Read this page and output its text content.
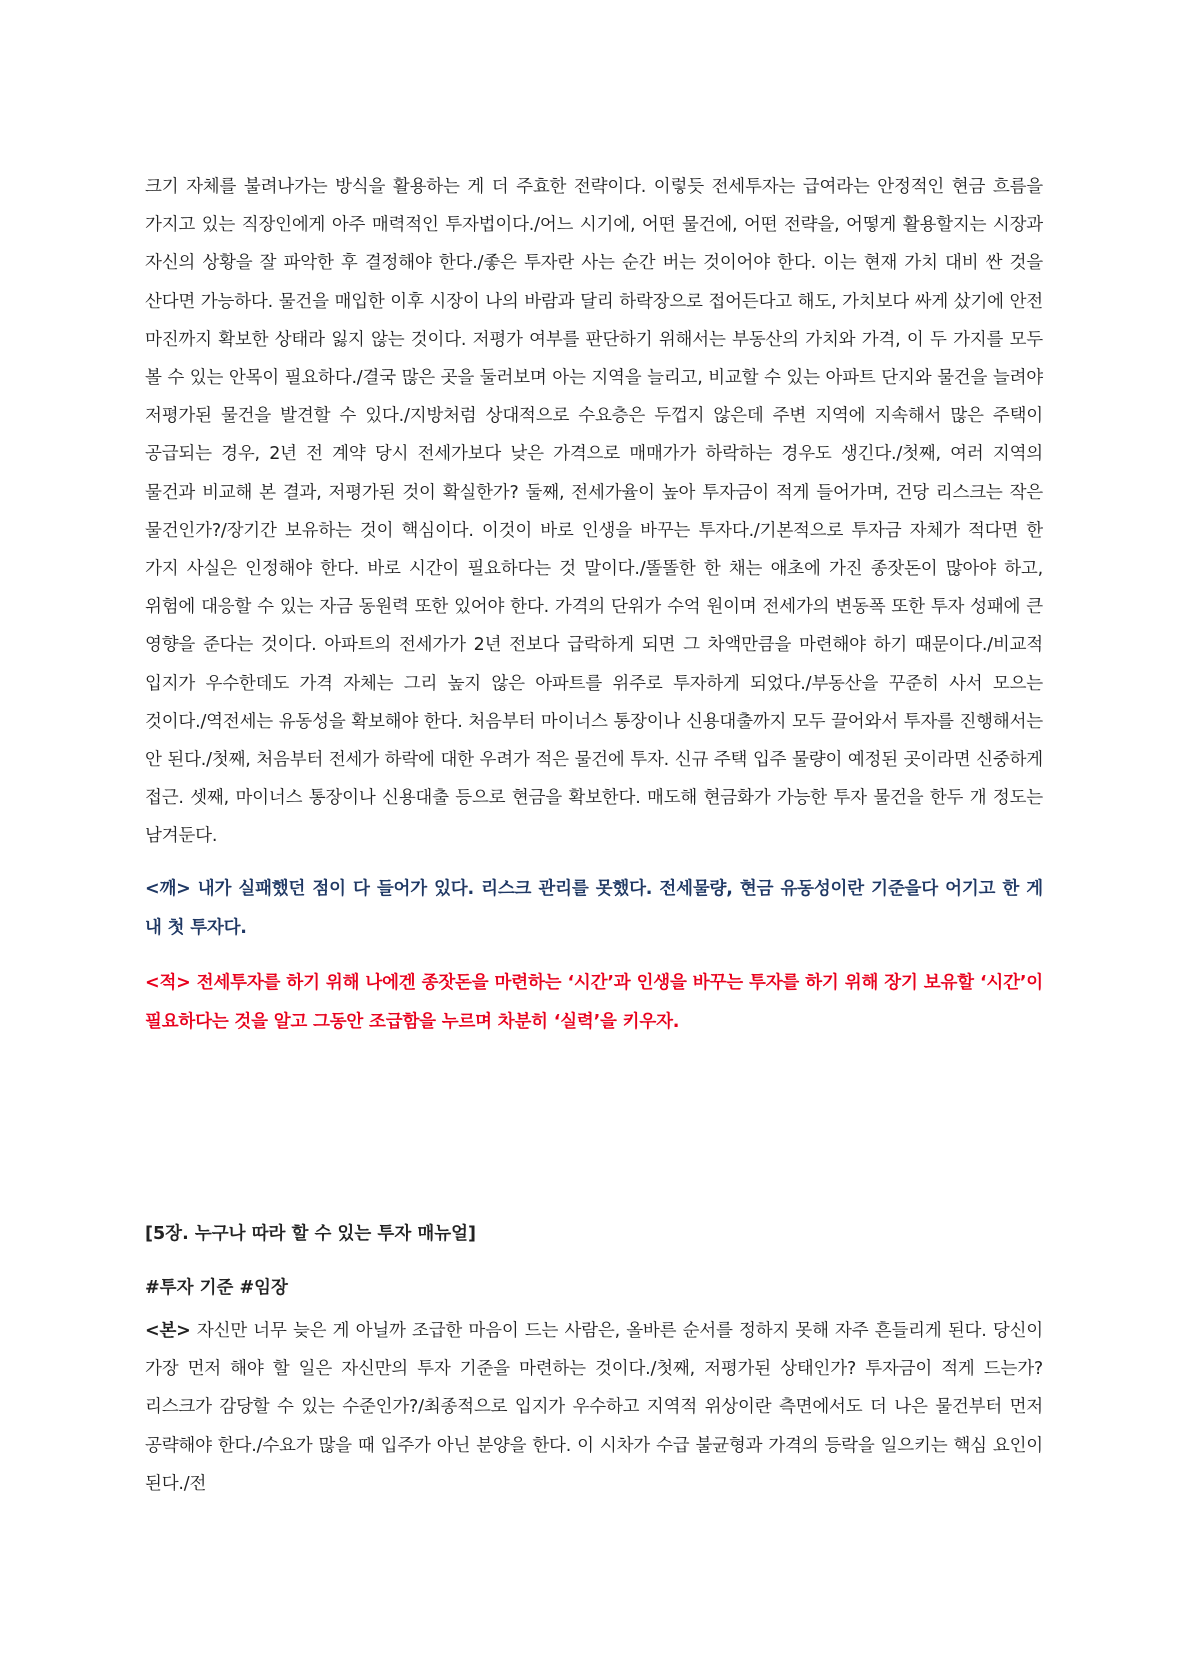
크기 자체를 불려나가는 방식을 활용하는 게 더 주효한 전략이다. 이렇듯 전세투자는 급여라는 안정적인 현금 흐름을 가지고 있는 직장인에게 아주 매력적인 투자법이다./어느 시기에, 어떤 물건에, 어떤 전략을, 어떻게 활용할지는 시장과 자신의 상황을 잘 파악한 후 결정해야 한다./좋은 투자란 사는 순간 버는 것이어야 한다. 이는 현재 가치 대비 싼 것을 산다면 가능하다. 물건을 매입한 이후 시장이 나의 바람과 달리 하락장으로 접어든다고 해도, 가치보다 싸게 샀기에 안전 마진까지 확보한 상태라 잃지 않는 것이다. 저평가 여부를 판단하기 위해서는 부동산의 가치와 가격, 이 두 가지를 모두 볼 수 있는 안목이 필요하다./결국 많은 곳을 둘러보며 아는 지역을 늘리고, 비교할 수 있는 아파트 단지와 물건을 늘려야 저평가된 물건을 발견할 수 있다./지방처럼 상대적으로 수요층은 두껍지 않은데 주변 지역에 지속해서 많은 주택이 공급되는 경우, 2년 전 계약 당시 전세가보다 낮은 가격으로 매매가가 하락하는 경우도 생긴다./첫째, 여러 지역의 물건과 비교해 본 결과, 저평가된 것이 확실한가? 둘째, 전세가율이 높아 투자금이 적게 들어가며, 건당 리스크는 작은 물건인가?/장기간 보유하는 것이 핵심이다. 이것이 바로 인생을 바꾸는 투자다./기본적으로 투자금 자체가 적다면 한 가지 사실은 인정해야 한다. 바로 시간이 필요하다는 것 말이다./똘똘한 한 채는 애초에 가진 종잣돈이 많아야 하고, 위험에 대응할 수 있는 자금 동원력 또한 있어야 한다. 가격의 단위가 수억 원이며 전세가의 변동폭 또한 투자 성패에 큰 영향을 준다는 것이다. 아파트의 전세가가 2년 전보다 급락하게 되면 그 차액만큼을 마련해야 하기 때문이다./비교적 입지가 우수한데도 가격 자체는 그리 높지 않은 아파트를 위주로 투자하게 되었다./부동산을 꾸준히 사서 모으는 것이다./역전세는 유동성을 확보해야 한다. 처음부터 마이너스 통장이나 신용대출까지 모두 끌어와서 투자를 진행해서는 안 된다./첫째, 처음부터 전세가 하락에 대한 우려가 적은 물건에 투자. 신규 주택 입주 물량이 예정된 곳이라면 신중하게 접근. 셋째, 마이너스 통장이나 신용대출 등으로 현금을 확보한다. 매도해 현금화가 가능한 투자 물건을 한두 개 정도는 남겨둔다.

<깨> 내가 실패했던 점이 다 들어가 있다. 리스크 관리를 못했다. 전세물량, 현금 유동성이란 기준을다 어기고 한 게 내 첫 투자다.

<적> 전세투자를 하기 위해 나에겐 종잣돈을 마련하는 ‘시간’과 인생을 바꾸는 투자를 하기 위해 장기 보유할 ‘시간’이 필요하다는 것을 알고 그동안 조급함을 누르며 차분히 ‘실력’을 키우자.

[5장. 누구나 따라 할 수 있는 투자 매뉴얼]

#투자 기준 #임장

<본> 자신만 너무 늦은 게 아닐까 조급한 마음이 드는 사람은, 올바른 순서를 정하지 못해 자주 흔들리게 된다. 당신이 가장 먼저 해야 할 일은 자신만의 투자 기준을 마련하는 것이다./첫째, 저평가된 상태인가? 투자금이 적게 드는가? 리스크가 감당할 수 있는 수준인가?/최종적으로 입지가 우수하고 지역적 위상이란 측면에서도 더 나은 물건부터 먼저 공략해야 한다./수요가 많을 때 입주가 아닌 분양을 한다. 이 시차가 수급 불균형과 가격의 등락을 일으키는 핵심 요인이 된다./전
